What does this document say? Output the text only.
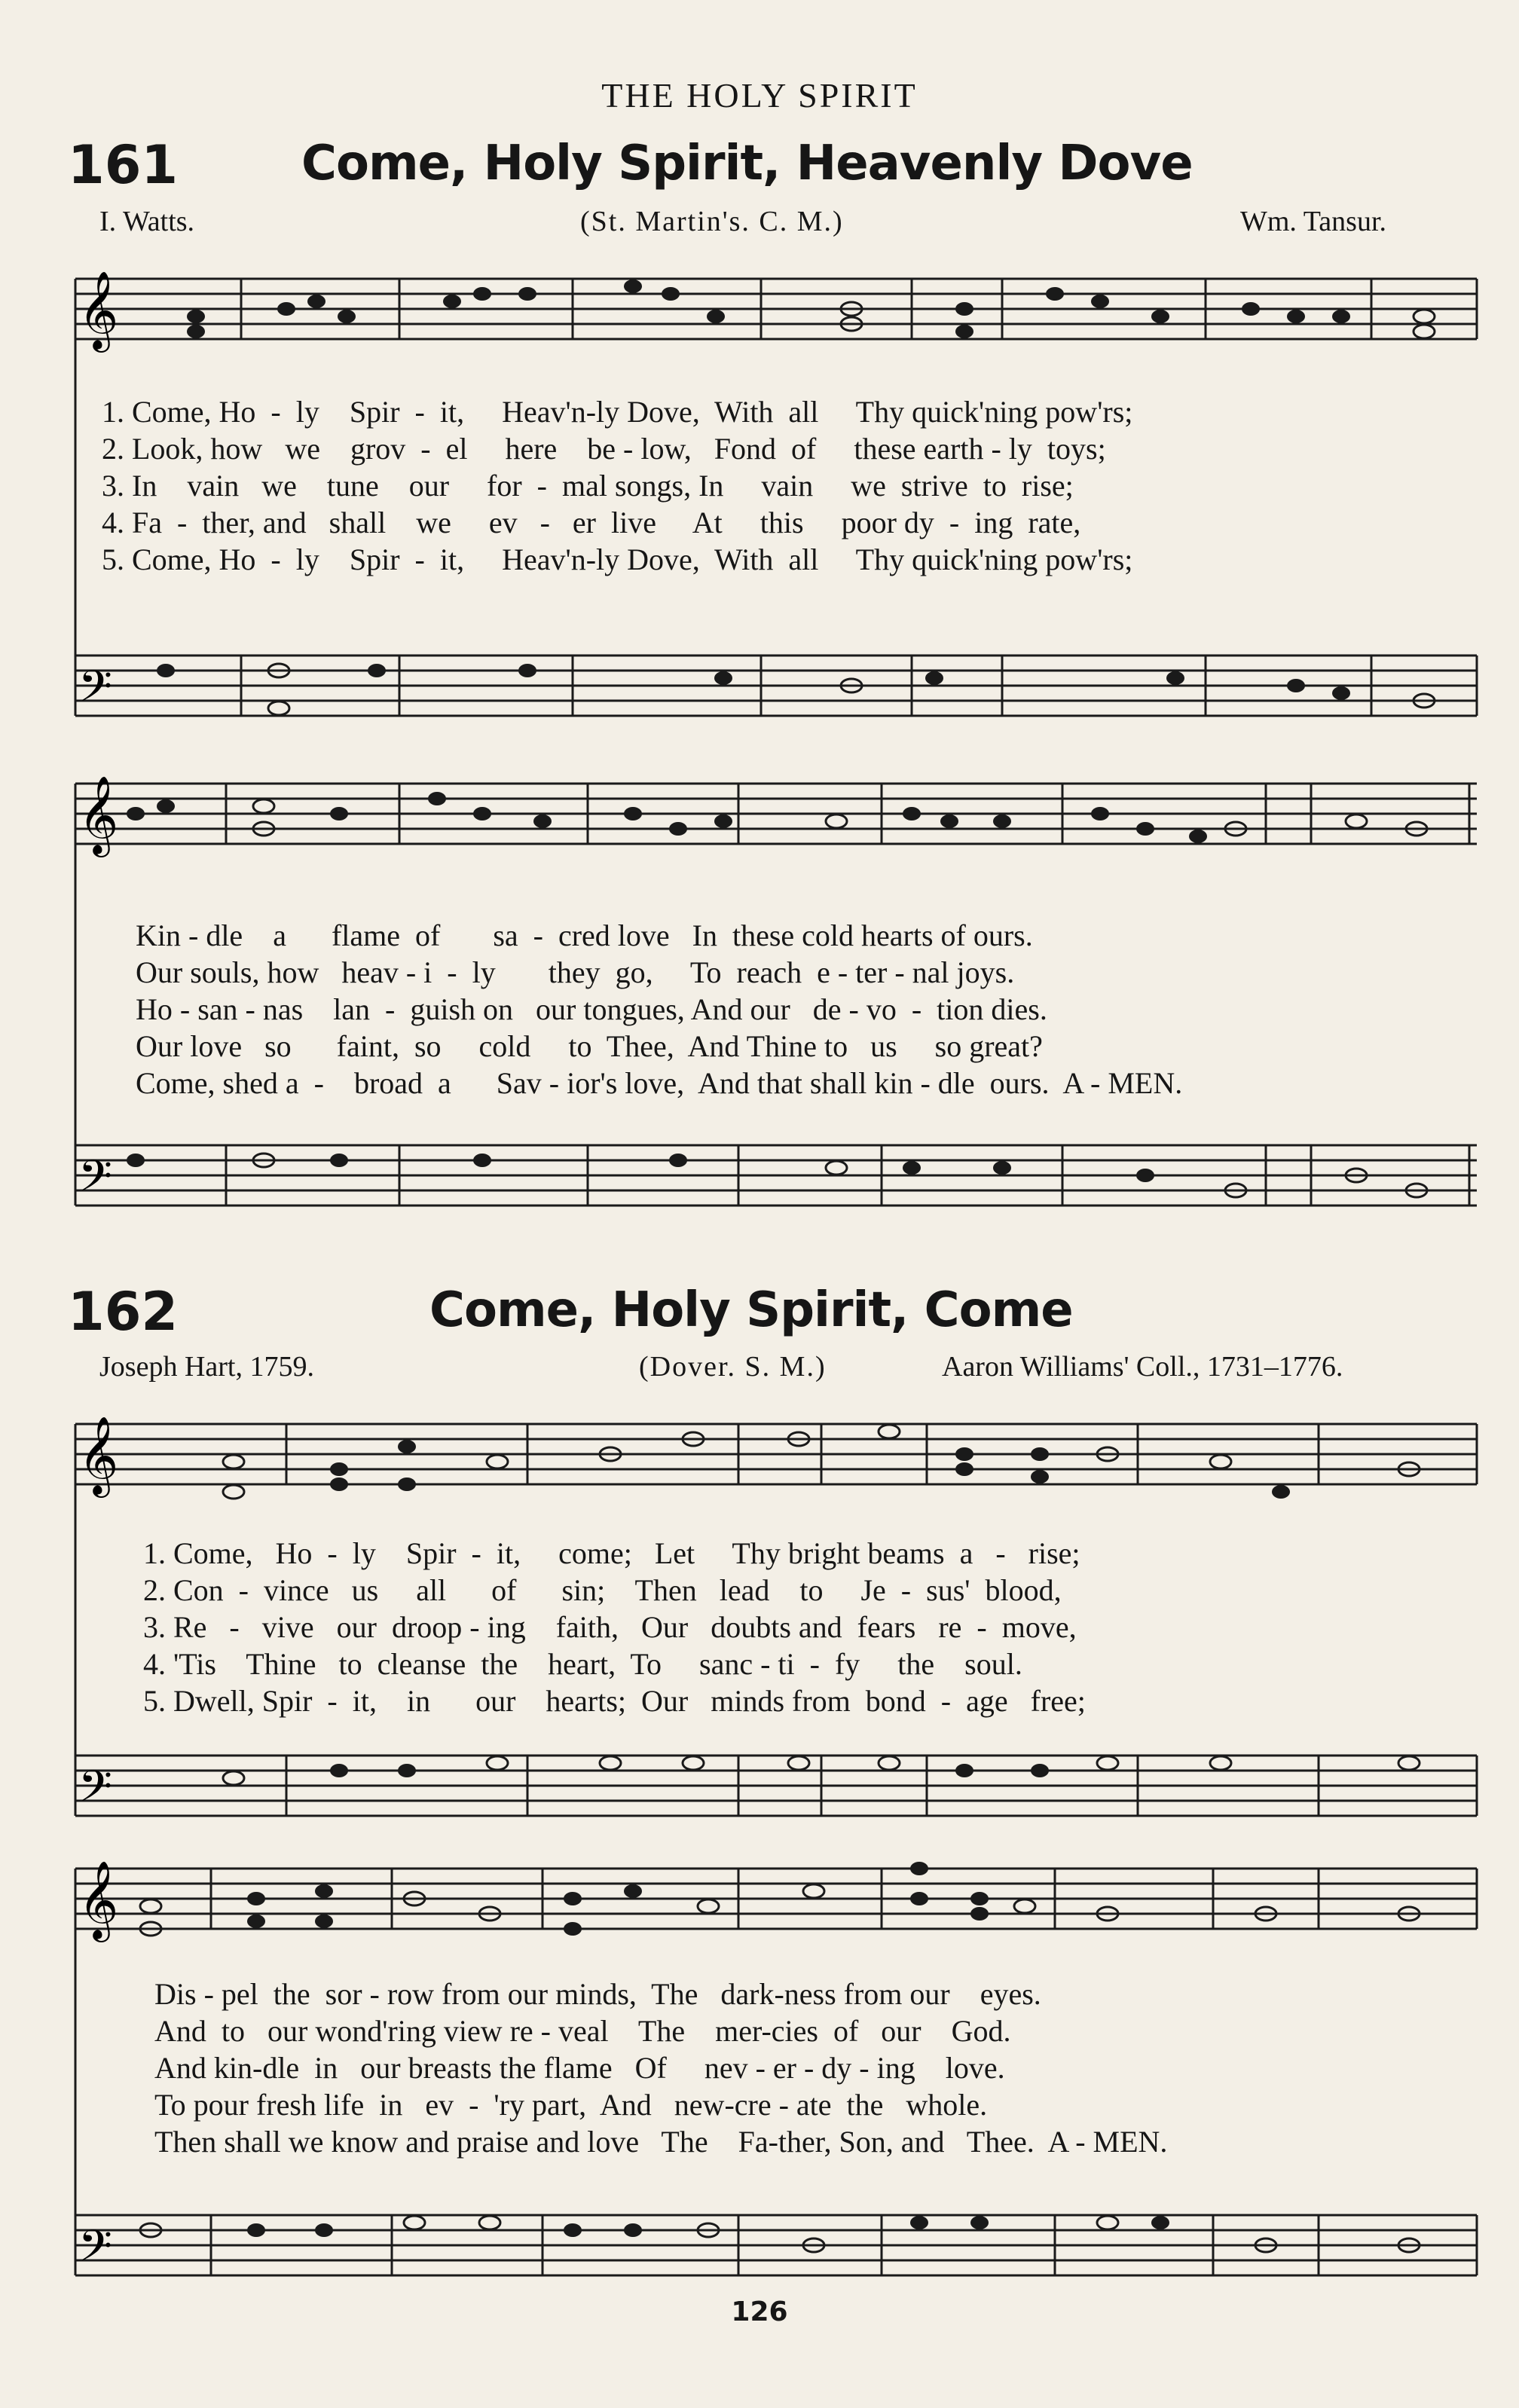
THE HOLY SPIRIT
161	Come, Holy Spirit, Heavenly Dove
I. Watts.	(St. Martin's. C. M.)	Wm. Tansur.
𝄞
𝄢
1. Come, Ho  -  ly    Spir  -  it,     Heav'n-ly Dove,  With  all     Thy quick'ning pow'rs;
2. Look, how   we    grov  -  el     here    be - low,   Fond  of     these earth - ly  toys;
3. In    vain   we    tune    our     for  -  mal songs, In     vain     we  strive  to  rise;
4. Fa  -  ther, and   shall    we     ev   -   er  live     At     this     poor dy  -  ing  rate,
5. Come, Ho  -  ly    Spir  -  it,     Heav'n-ly Dove,  With  all     Thy quick'ning pow'rs;
𝄞
𝄢
Kin - dle    a      flame  of       sa  -  cred love   In  these cold hearts of ours.
Our souls, how   heav - i  -  ly       they  go,     To  reach  e - ter - nal joys.
Ho - san - nas    lan  -  guish on   our tongues, And our   de - vo  -  tion dies.
Our love   so      faint,  so     cold     to  Thee,  And Thine to   us     so great?
Come, shed a  -    broad  a      Sav - ior's love,  And that shall kin - dle  ours.  A - MEN.
162	Come, Holy Spirit, Come
Joseph Hart, 1759.	(Dover. S. M.)	Aaron Williams' Coll., 1731–1776.
𝄞
𝄢
1. Come,   Ho  -  ly    Spir  -  it,     come;   Let     Thy bright beams  a   -   rise;
2. Con  -  vince   us     all      of      sin;    Then   lead    to     Je  -  sus'  blood,
3. Re   -   vive   our  droop - ing    faith,   Our   doubts and  fears   re  -  move,
4. 'Tis    Thine   to  cleanse  the    heart,  To     sanc - ti  -  fy     the    soul.
5. Dwell, Spir  -  it,    in      our    hearts;  Our   minds from  bond  -  age   free;
𝄞
𝄢
Dis - pel  the  sor - row from our minds,  The   dark-ness from our    eyes.
And  to   our wond'ring view re - veal    The    mer-cies  of   our    God.
And kin-dle  in   our breasts the flame   Of     nev - er - dy - ing    love.
To pour fresh life  in   ev  -  'ry part,  And   new-cre - ate  the   whole.
Then shall we know and praise and love   The    Fa-ther, Son, and   Thee.  A - MEN.
126
